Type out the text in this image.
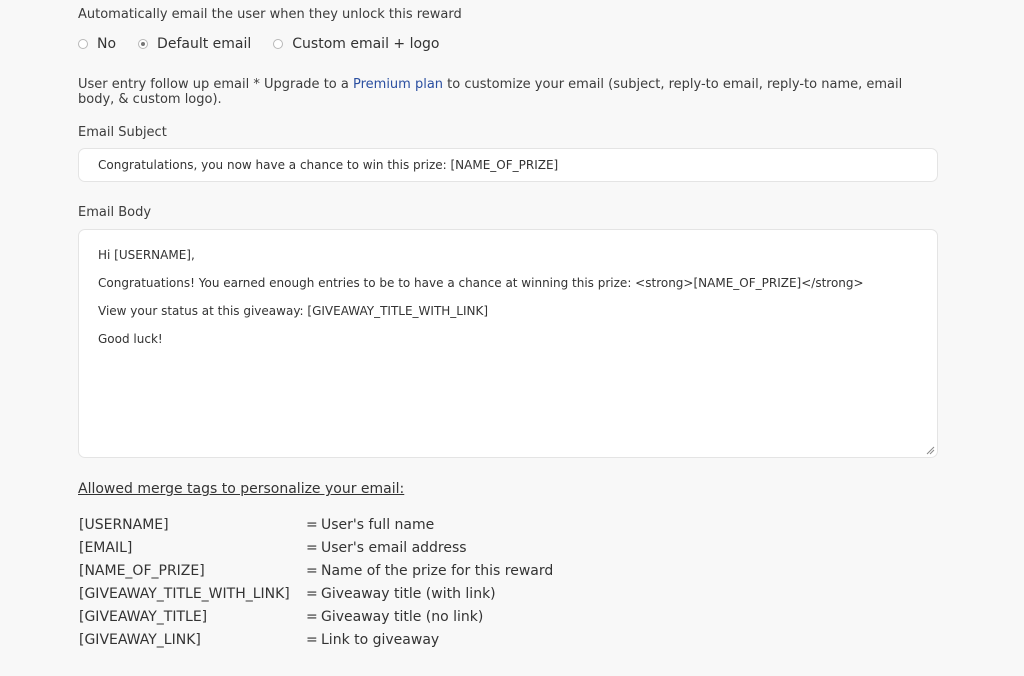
Automatically email the user when they unlock this reward
No	Default email	Custom email + logo
User entry follow up email * Upgrade to a Premium plan to customize your email (subject, reply-to email, reply-to name, email body, & custom logo).
Email Subject
Congratulations, you now have a chance to win this prize: [NAME_OF_PRIZE]
Email Body
Hi [USERNAME],
Congratuations! You earned enough entries to be to have a chance at winning this prize: <strong>[NAME_OF_PRIZE]</strong>
View your status at this giveaway: [GIVEAWAY_TITLE_WITH_LINK]
Good luck!
Allowed merge tags to personalize your email:
[USERNAME]	= User's full name
[EMAIL]	= User's email address
[NAME_OF_PRIZE]	= Name of the prize for this reward
[GIVEAWAY_TITLE_WITH_LINK]	= Giveaway title (with link)
[GIVEAWAY_TITLE]	= Giveaway title (no link)
[GIVEAWAY_LINK]	= Link to giveaway
